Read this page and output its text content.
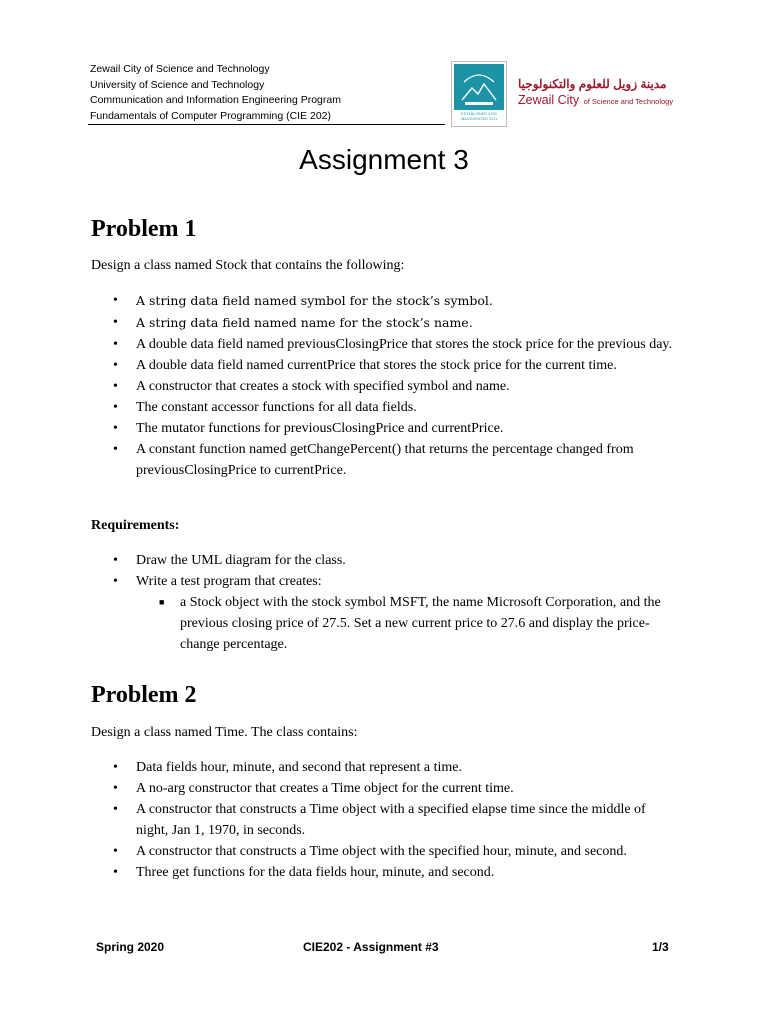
Zewail City of Science and Technology
University of Science and Technology
Communication and Information Engineering Program
Fundamentals of Computer Programming (CIE 202)	ESTABLISHED 2000 INAUGURATED 2011
مدينة زويل للعلوم والتكنولوجيا
Zewail City of Science and Technology
Assignment 3
Problem 1
Design a class named Stock that contains the following:
•	A string data field named symbol for the stock’s symbol.
•	A string data field named name for the stock’s name.
•	A double data field named previousClosingPrice that stores the stock price for the previous day.
•	A double data field named currentPrice that stores the stock price for the current time.
•	A constructor that creates a stock with specified symbol and name.
•	The constant accessor functions for all data fields.
•	The mutator functions for previousClosingPrice and currentPrice.
•	A constant function named getChangePercent() that returns the percentage changed from previousClosingPrice to currentPrice.
Requirements:
•	Draw the UML diagram for the class.
•	Write a test program that creates:
■	a Stock object with the stock symbol MSFT, the name Microsoft Corporation, and the previous closing price of 27.5. Set a new current price to 27.6 and display the price-change percentage.
Problem 2
Design a class named Time. The class contains:
•	Data fields hour, minute, and second that represent a time.
•	A no-arg constructor that creates a Time object for the current time.
•	A constructor that constructs a Time object with a specified elapse time since the middle of night, Jan 1, 1970, in seconds.
•	A constructor that constructs a Time object with the specified hour, minute, and second.
•	Three get functions for the data fields hour, minute, and second.
Spring 2020	CIE202 - Assignment #3	1/3
